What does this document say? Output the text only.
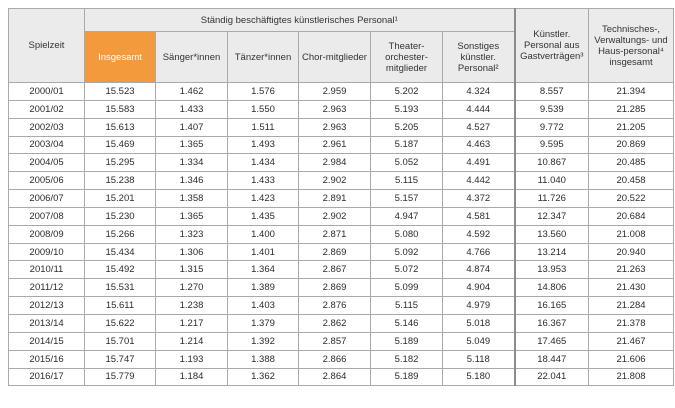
Spielzeit	Ständig beschäftigtes künstlerisches Personal¹						Künstler. Personal aus Gastverträgen³	Technisches-, Verwaltungs- und Haus-personal⁴ insgesamt
	Insgesamt	Sänger*innen	Tänzer*innen	Chor-mitglieder	Theater-orchester-mitglieder	Sonstiges künstler. Personal²		
2000/01	15.523	1.462	1.576	2.959	5.202	4.324	8.557	21.394
2001/02	15.583	1.433	1.550	2.963	5.193	4.444	9.539	21.285
2002/03	15.613	1.407	1.511	2.963	5.205	4.527	9.772	21.205
2003/04	15.469	1.365	1.493	2.961	5.187	4.463	9.595	20.869
2004/05	15.295	1.334	1.434	2.984	5.052	4.491	10.867	20.485
2005/06	15.238	1.346	1.433	2.902	5.115	4.442	11.040	20.458
2006/07	15.201	1.358	1.423	2.891	5.157	4.372	11.726	20.522
2007/08	15.230	1.365	1.435	2.902	4.947	4.581	12.347	20.684
2008/09	15.266	1.323	1.400	2.871	5.080	4.592	13.560	21.008
2009/10	15.434	1.306	1.401	2.869	5.092	4.766	13.214	20.940
2010/11	15.492	1.315	1.364	2.867	5.072	4.874	13.953	21.263
2011/12	15.531	1.270	1.389	2.869	5.099	4.904	14.806	21.430
2012/13	15.611	1.238	1.403	2.876	5.115	4.979	16.165	21.284
2013/14	15.622	1.217	1.379	2.862	5.146	5.018	16.367	21.378
2014/15	15.701	1.214	1.392	2.857	5.189	5.049	17.465	21.467
2015/16	15.747	1.193	1.388	2.866	5.182	5.118	18.447	21.606
2016/17	15.779	1.184	1.362	2.864	5.189	5.180	22.041	21.808
